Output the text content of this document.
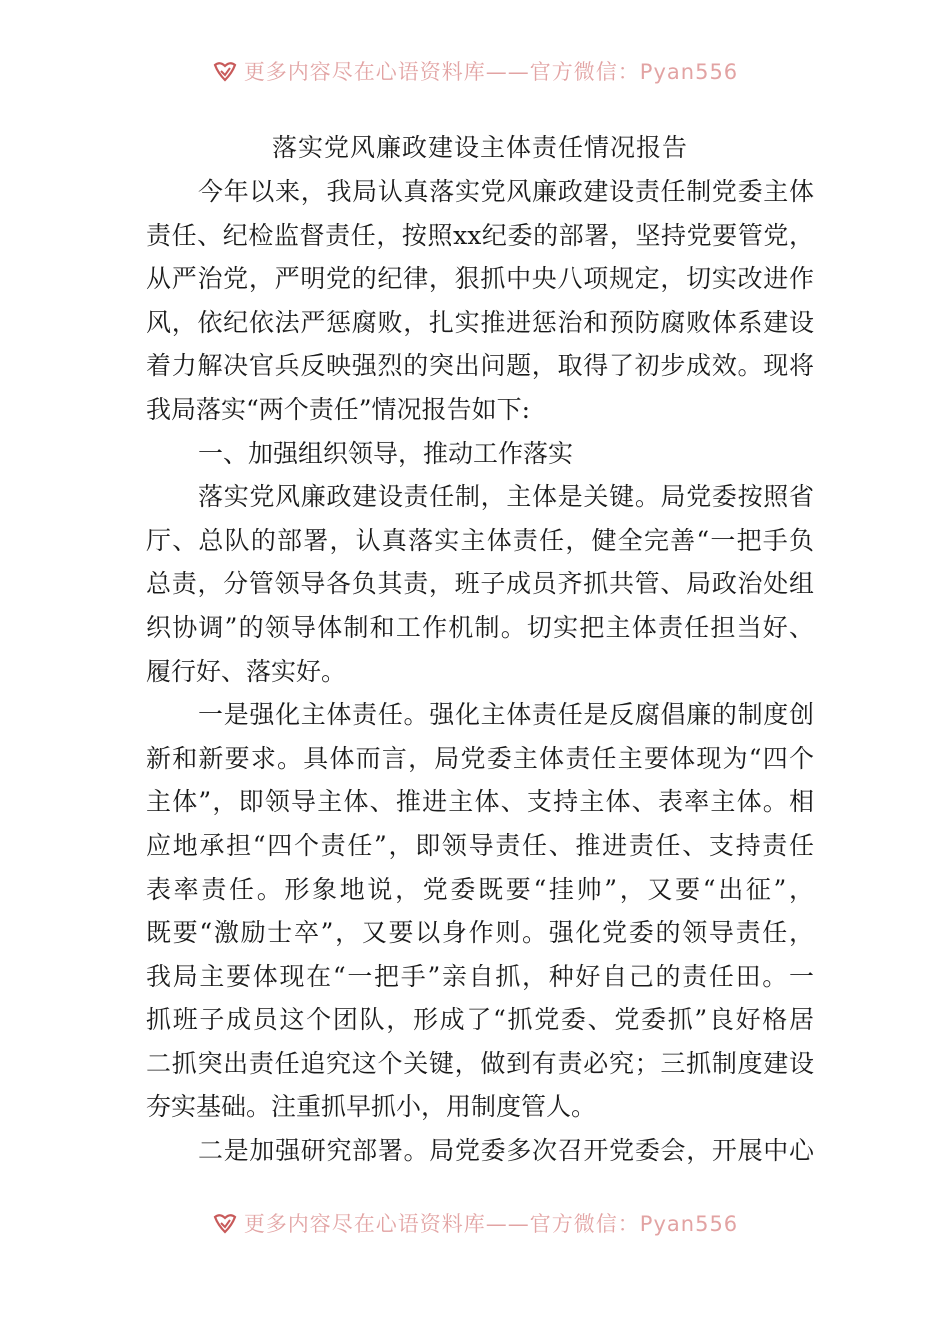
更多内容尽在心语资料库——官方微信：Pyan556
落实党风廉政建设主体责任情况报告
今年以来，我局认真落实党风廉政建设责任制党委主体
责任、纪检监督责任，按照xx纪委的部署，坚持党要管党，
从严治党，严明党的纪律，狠抓中央八项规定，切实改进作
风，依纪依法严惩腐败，扎实推进惩治和预防腐败体系建设
着力解决官兵反映强烈的突出问题，取得了初步成效。现将
我局落实“两个责任”情况报告如下:
一、加强组织领导，推动工作落实
落实党风廉政建设责任制，主体是关键。局党委按照省
厅、总队的部署，认真落实主体责任，健全完善“一把手负
总责，分管领导各负其责，班子成员齐抓共管、局政治处组
织协调”的领导体制和工作机制。切实把主体责任担当好、
履行好、落实好。
一是强化主体责任。强化主体责任是反腐倡廉的制度创
新和新要求。具体而言，局党委主体责任主要体现为“四个
主体”，即领导主体、推进主体、支持主体、表率主体。相
应地承担“四个责任”，即领导责任、推进责任、支持责任
表率责任。形象地说，党委既要“挂帅”，又要“出征”，
既要“激励士卒”，又要以身作则。强化党委的领导责任，
我局主要体现在“一把手”亲自抓，种好自己的责任田。一
抓班子成员这个团队，形成了“抓党委、党委抓”良好格居
二抓突出责任追究这个关键，做到有责必究；三抓制度建设
夯实基础。注重抓早抓小，用制度管人。
二是加强研究部署。局党委多次召开党委会，开展中心
更多内容尽在心语资料库——官方微信：Pyan556
